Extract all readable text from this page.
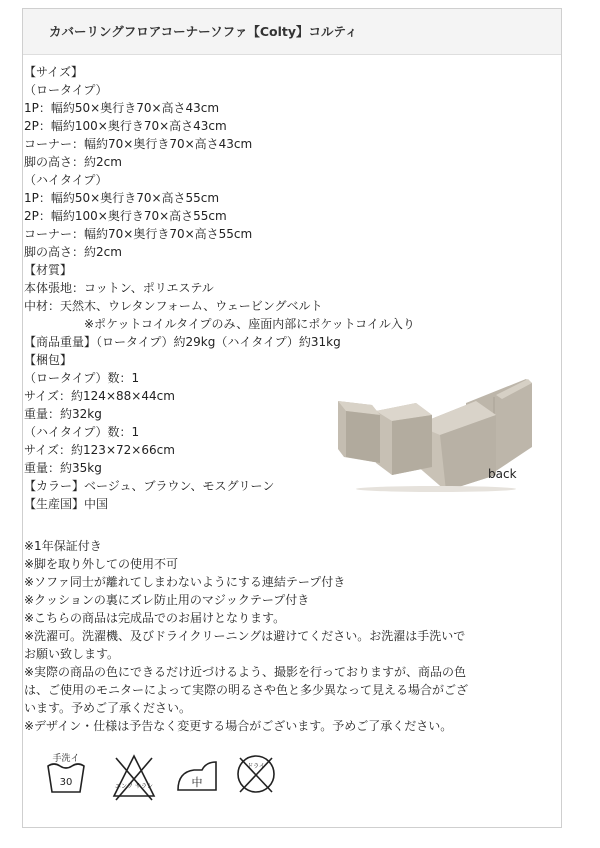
カバーリングフロアコーナーソファ【Colty】コルティ
【サイズ】
（ロータイプ）
1P：幅約50×奥行き70×高さ43cm
2P：幅約100×奥行き70×高さ43cm
コーナー：幅約70×奥行き70×高さ43cm
脚の高さ：約2cm
（ハイタイプ）
1P：幅約50×奥行き70×高さ55cm
2P：幅約100×奥行き70×高さ55cm
コーナー：幅約70×奥行き70×高さ55cm
脚の高さ：約2cm
【材質】
本体張地：コットン、ポリエステル
中材：天然木、ウレタンフォーム、ウェービングベルト
※ポケットコイルタイプのみ、座面内部にポケットコイル入り
【商品重量】（ロータイプ）約29kg（ハイタイプ）約31kg
【梱包】
（ロータイプ）数：1
サイズ：約124×88×44cm
重量：約32kg
（ハイタイプ）数：1
サイズ：約123×72×66cm
重量：約35kg
【カラー】ベージュ、ブラウン、モスグリーン
【生産国】中国
back
※1年保証付き
※脚を取り外しての使用不可
※ソファ同士が離れてしまわないようにする連結テープ付き
※クッションの裏にズレ防止用のマジックテープ付き
※こちらの商品は完成品でのお届けとなります。
※洗濯可。洗濯機、及びドライクリーニングは避けてください。お洗濯は手洗いで
お願い致します。
※実際の商品の色にできるだけ近づけるよう、撮影を行っておりますが、商品の色
は、ご使用のモニターによって実際の明るさや色と多少異なって見える場合がござ
います。予めご了承ください。
※デザイン・仕様は予告なく変更する場合がございます。予めご了承ください。
手洗イ
30	エンソ サラシ	中
ドライ
